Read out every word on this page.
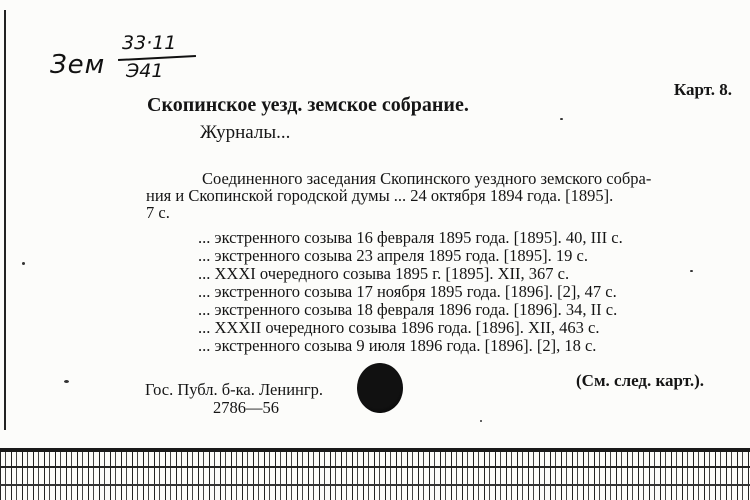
Зем
33·11
Э41
Карт. 8.
Скопинское уезд. земское собрание.
Журналы...
Соединенного заседания Скопинского уездного земского собра-
ния и Скопинской городской думы ... 24 октября 1894 года. [1895].
7 с.
... экстренного созыва 16 февраля 1895 года. [1895]. 40, III с.
... экстренного созыва 23 апреля 1895 года. [1895]. 19 с.
... XXXI очередного созыва 1895 г. [1895]. XII, 367 с.
... экстренного созыва 17 ноября 1895 года. [1896]. [2], 47 с.
... экстренного созыва 18 февраля 1896 года. [1896]. 34, II с.
... XXXII очередного созыва 1896 года. [1896]. XII, 463 с.
... экстренного созыва 9 июля 1896 года. [1896]. [2], 18 с.
Гос. Публ. б-ка. Ленингр.
2786—56
(См. след. карт.).
